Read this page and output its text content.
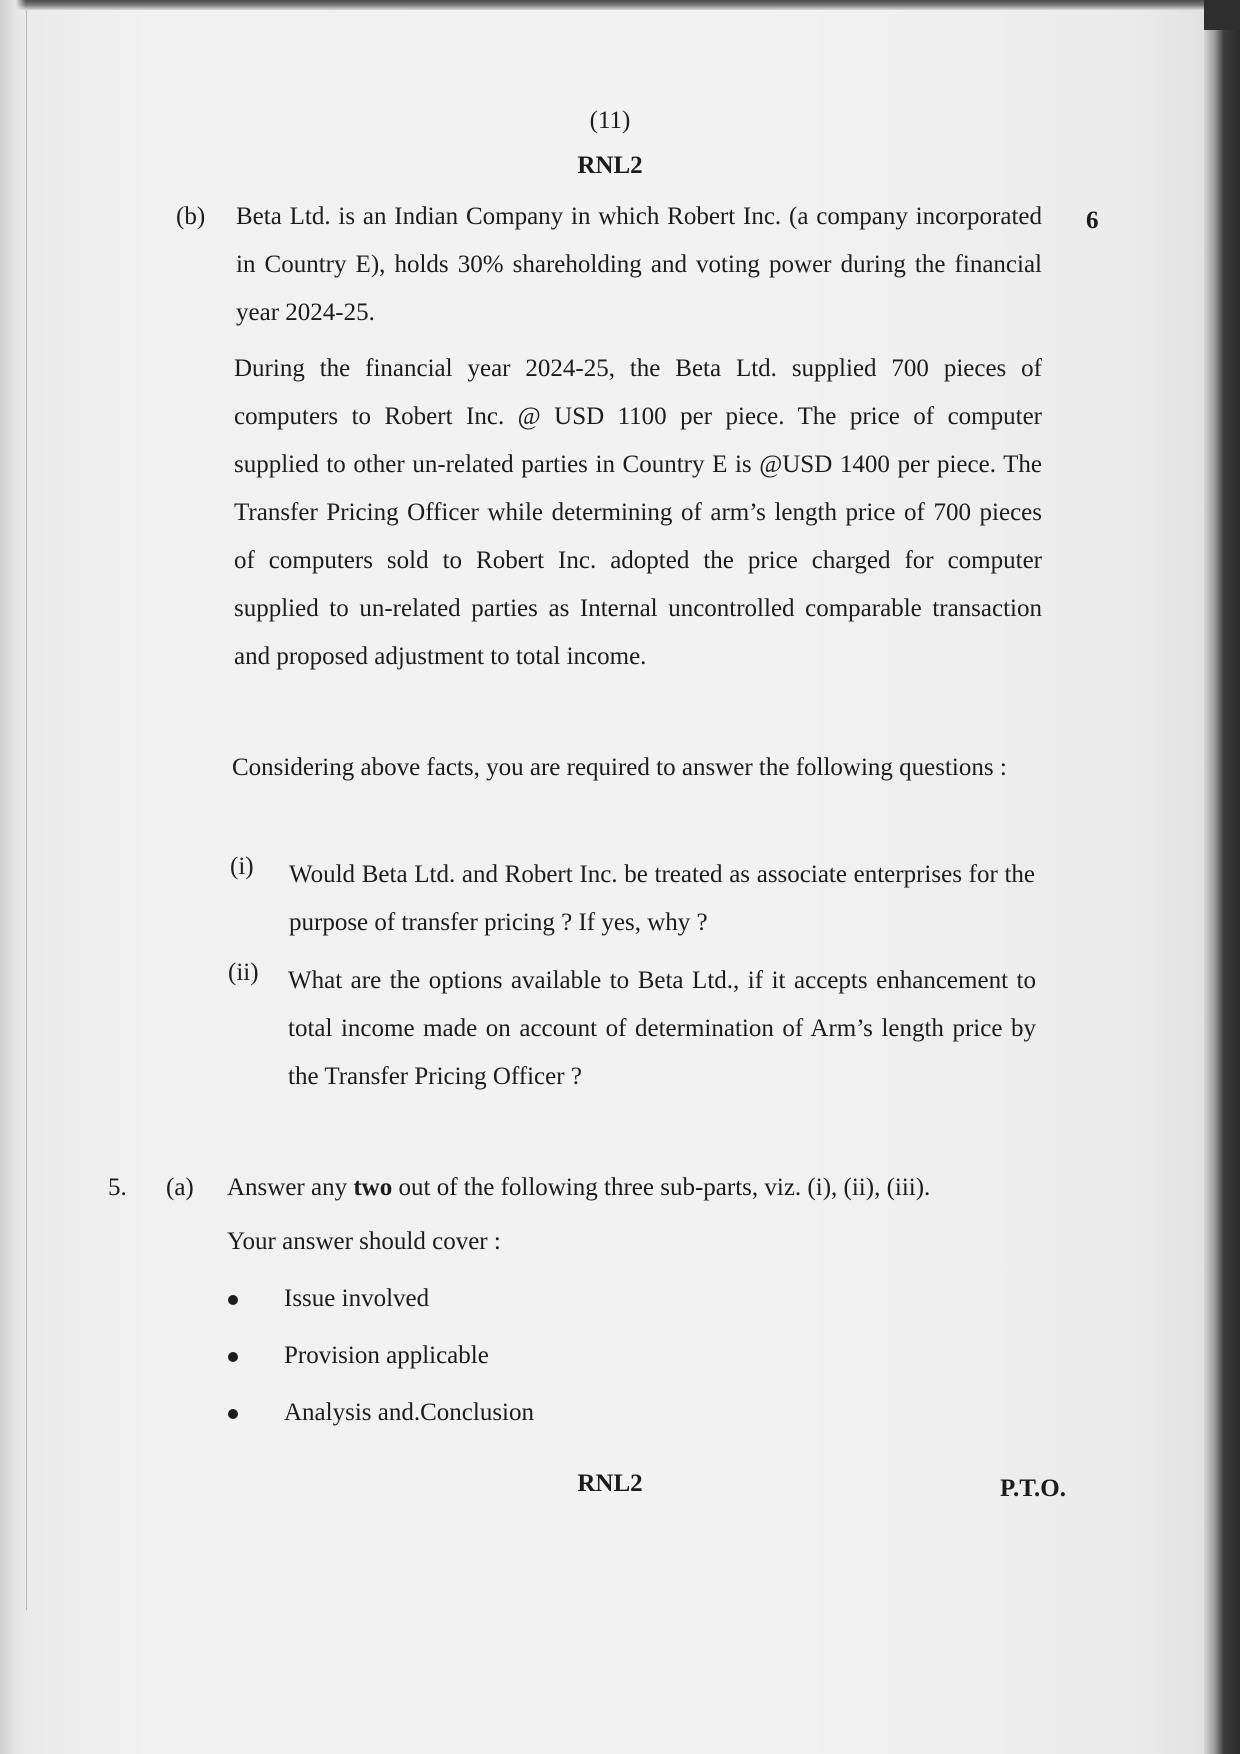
(11)
RNL2
(b)	6
Beta Ltd. is an Indian Company in which Robert Inc. (a company incorporated in Country E), holds 30% shareholding and voting power during the financial year 2024-25.
During the financial year 2024-25, the Beta Ltd. supplied 700 pieces of computers to Robert Inc. @ USD 1100 per piece. The price of computer supplied to other un-related parties in Country E is @USD 1400 per piece. The Transfer Pricing Officer while determining of arm’s length price of 700 pieces of computers sold to Robert Inc. adopted the price charged for computer supplied to un-related parties as Internal uncontrolled comparable transaction and proposed adjustment to total income.
Considering above facts, you are required to answer the following questions :
(i) Would Beta Ltd. and Robert Inc. be treated as associate enterprises for the purpose of transfer pricing ? If yes, why ?
(ii) What are the options available to Beta Ltd., if it accepts enhancement to total income made on account of determination of Arm’s length price by the Transfer Pricing Officer ?
5. (a) Answer any two out of the following three sub-parts, viz. (i), (ii), (iii).
Your answer should cover :
Issue involved
Provision applicable
Analysis and.Conclusion
RNL2	P.T.O.
